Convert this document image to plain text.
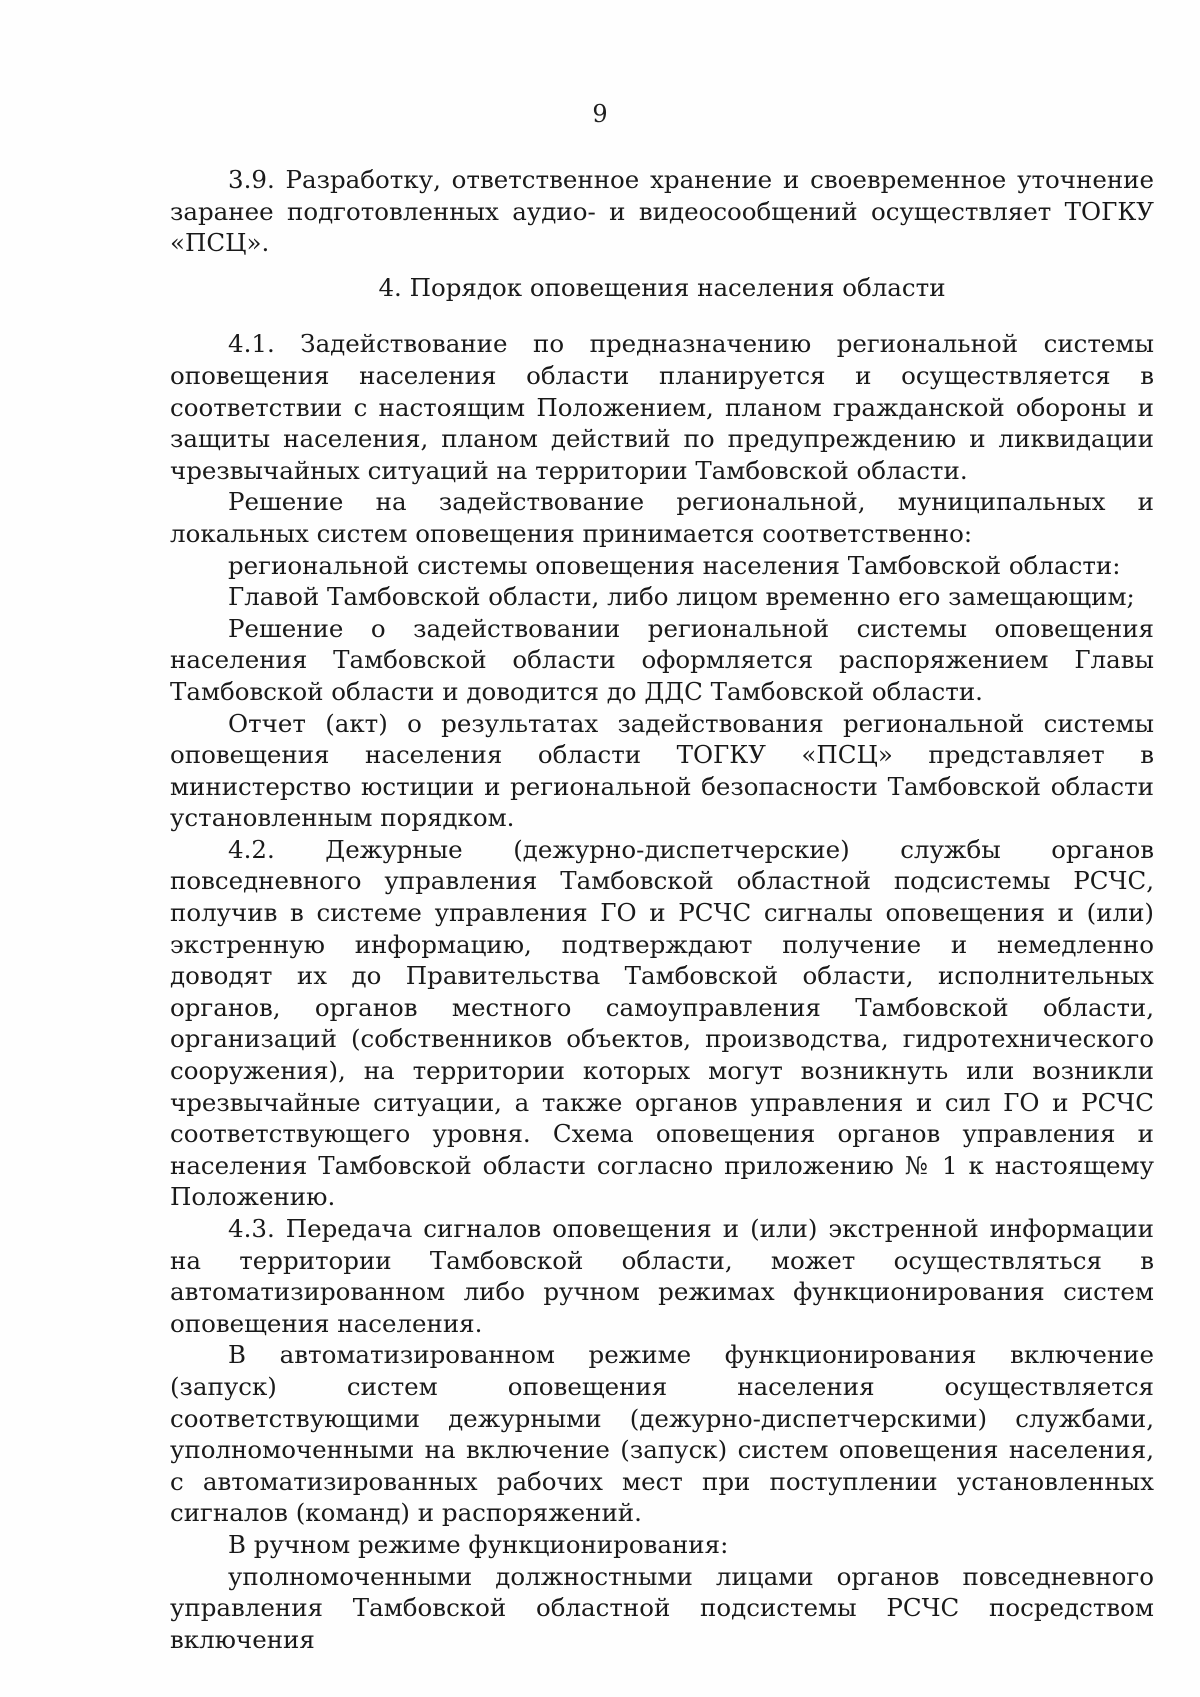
9

3.9. Разработку, ответственное хранение и своевременное уточнение заранее подготовленных аудио- и видеосообщений осуществляет ТОГКУ «ПСЦ».

4. Порядок оповещения населения области

4.1. Задействование по предназначению региональной системы оповещения населения области планируется и осуществляется в соответствии с настоящим Положением, планом гражданской обороны и защиты населения, планом действий по предупреждению и ликвидации чрезвычайных ситуаций на территории Тамбовской области.

Решение на задействование региональной, муниципальных и локальных систем оповещения принимается соответственно:

региональной системы оповещения населения Тамбовской области:

Главой Тамбовской области, либо лицом временно его замещающим;

Решение о задействовании региональной системы оповещения населения Тамбовской области оформляется распоряжением Главы Тамбовской области и доводится до ДДС Тамбовской области.

Отчет (акт) о результатах задействования региональной системы оповещения населения области ТОГКУ «ПСЦ» представляет в министерство юстиции и региональной безопасности Тамбовской области установленным порядком.

4.2. Дежурные (дежурно-диспетчерские) службы органов повседневного управления Тамбовской областной подсистемы РСЧС, получив в системе управления ГО и РСЧС сигналы оповещения и (или) экстренную информацию, подтверждают получение и немедленно доводят их до Правительства Тамбовской области, исполнительных органов, органов местного самоуправления Тамбовской области, организаций (собственников объектов, производства, гидротехнического сооружения), на территории которых могут возникнуть или возникли чрезвычайные ситуации, а также органов управления и сил ГО и РСЧС соответствующего уровня. Схема оповещения органов управления и населения Тамбовской области согласно приложению № 1 к настоящему Положению.

4.3. Передача сигналов оповещения и (или) экстренной информации на территории Тамбовской области, может осуществляться в автоматизированном либо ручном режимах функционирования систем оповещения населения.

В автоматизированном режиме функционирования включение (запуск) систем оповещения населения осуществляется соответствующими дежурными (дежурно-диспетчерскими) службами, уполномоченными на включение (запуск) систем оповещения населения, с автоматизированных рабочих мест при поступлении установленных сигналов (команд) и распоряжений.

В ручном режиме функционирования:

уполномоченными должностными лицами органов повседневного управления Тамбовской областной подсистемы РСЧС посредством включения
